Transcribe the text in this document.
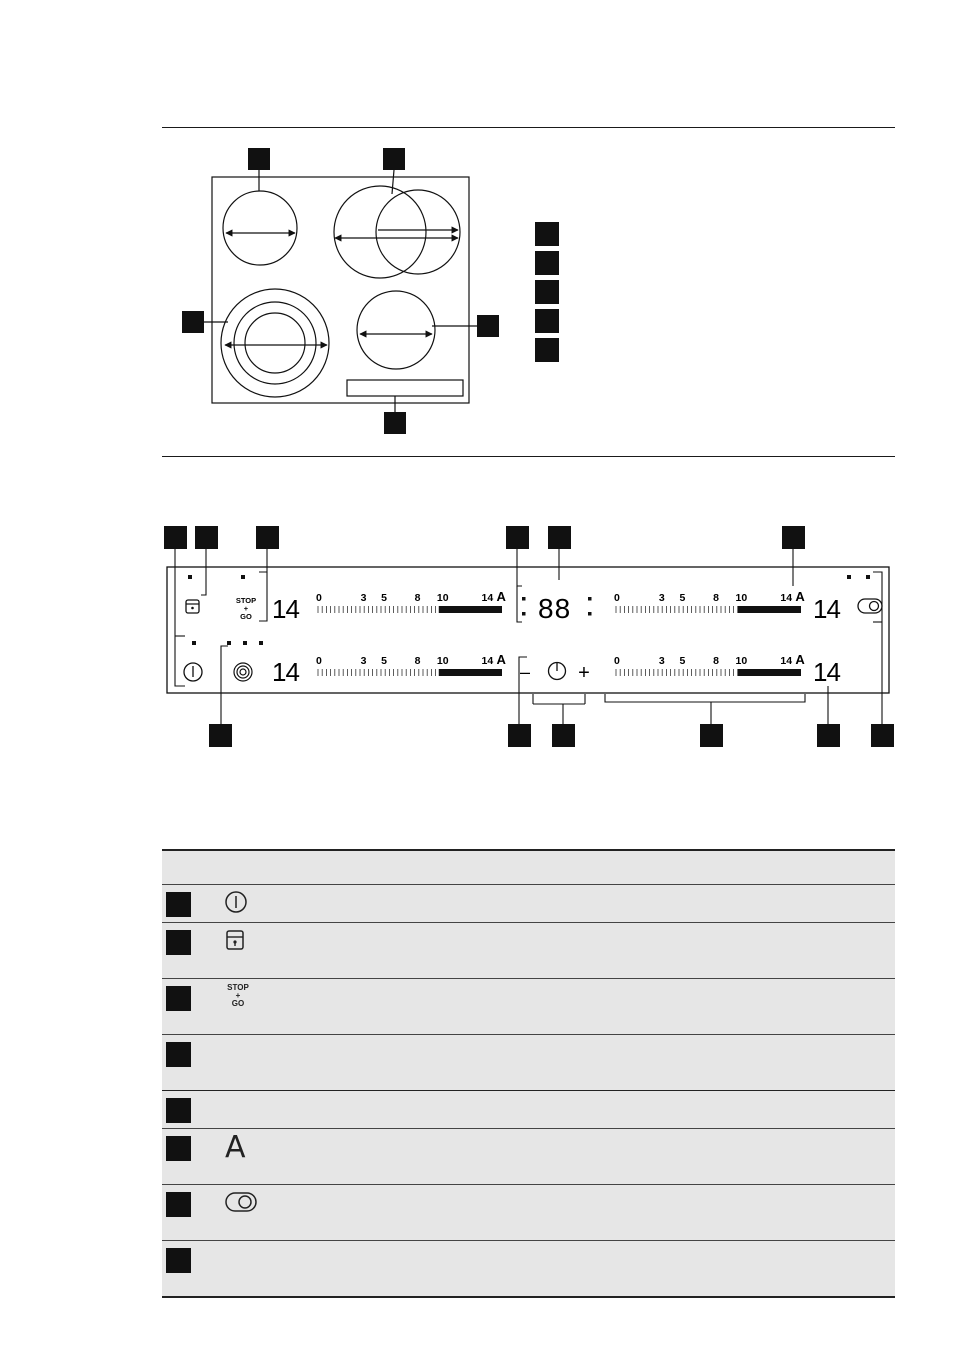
STOP
+
GO 14
14
14
14
88
– +
0	3 5	8 10	14 A
0	3 5	8 10	14 A
0	3 5	8 10	14 A
0	3 5	8 10	14 A

STOP
+
GO

A
